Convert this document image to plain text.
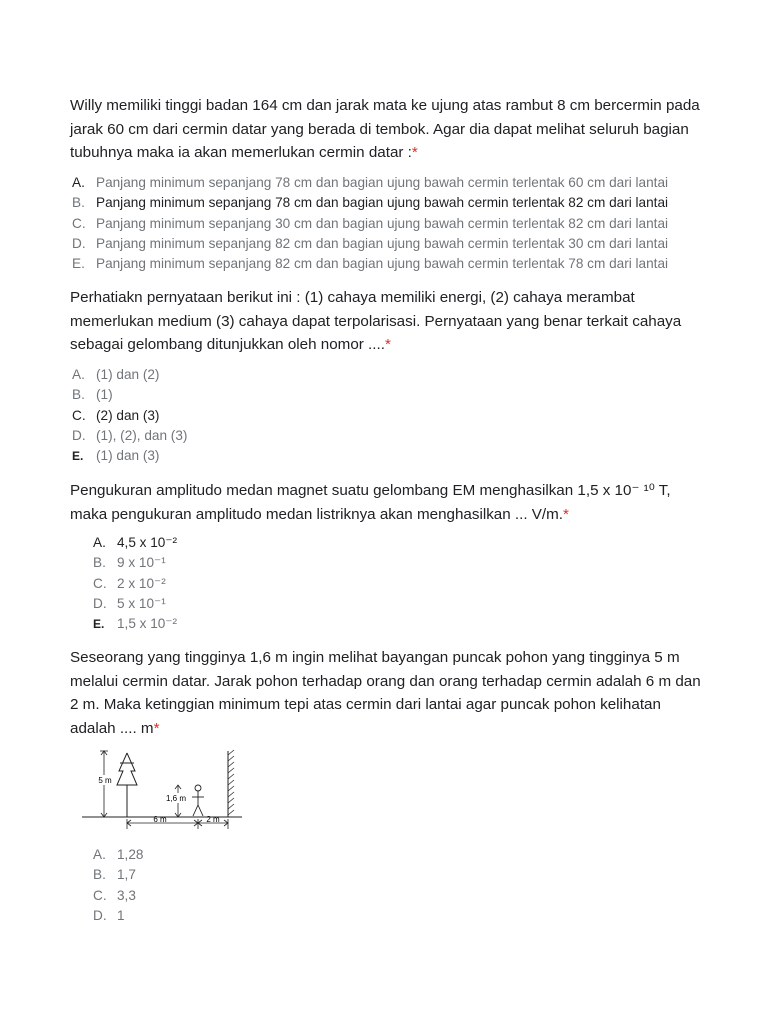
Willy memiliki tinggi badan 164 cm dan jarak mata ke ujung atas rambut 8 cm bercermin pada jarak 60 cm dari cermin datar yang berada di tembok. Agar dia dapat melihat seluruh bagian tubuhnya maka ia akan memerlukan cermin datar :*
A. Panjang minimum sepanjang 78 cm dan bagian ujung bawah cermin terlentak 60 cm dari lantai
B. Panjang minimum sepanjang 78 cm dan bagian ujung bawah cermin terlentak 82 cm dari lantai
C. Panjang minimum sepanjang 30 cm dan bagian ujung bawah cermin terlentak 82 cm dari lantai
D. Panjang minimum sepanjang 82 cm dan bagian ujung bawah cermin terlentak 30 cm dari lantai
E. Panjang minimum sepanjang 82 cm dan bagian ujung bawah cermin terlentak 78 cm dari lantai
Perhatiakn pernyataan berikut ini : (1) cahaya memiliki energi, (2) cahaya merambat memerlukan medium (3) cahaya dapat terpolarisasi. Pernyataan yang benar terkait cahaya sebagai gelombang ditunjukkan oleh nomor ....*
A. (1) dan (2)
B. (1)
C. (2) dan (3)
D. (1), (2), dan (3)
E. (1) dan (3)
Pengukuran amplitudo medan magnet suatu gelombang EM menghasilkan 1,5 x 10⁻ ¹⁰ T, maka pengukuran amplitudo medan listriknya akan menghasilkan ... V/m.*
A. 4,5 x 10⁻²
B. 9 x 10⁻¹
C. 2 x 10⁻²
D. 5 x 10⁻¹
E. 1,5 x 10⁻²
Seseorang yang tingginya 1,6 m ingin melihat bayangan puncak pohon yang tingginya 5 m melalui cermin datar. Jarak pohon terhadap orang dan orang terhadap cermin adalah 6 m dan 2 m. Maka ketinggian minimum tepi atas cermin dari lantai agar puncak pohon kelihatan adalah .... m*
5 m
1,6 m
6 m	2 m
A. 1,28
B. 1,7
C. 3,3
D. 1
